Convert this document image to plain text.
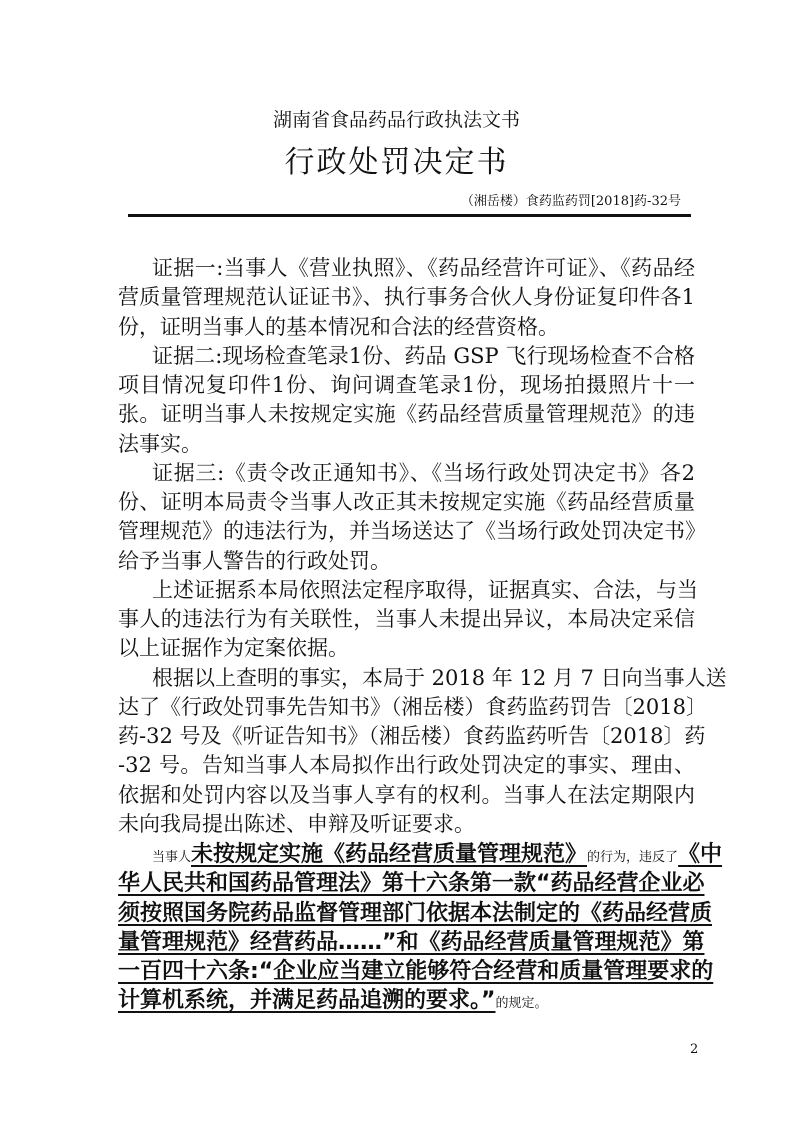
湖南省食品药品行政执法文书
行政处罚决定书
（湘岳楼）食药监药罚[2018]药-32号
证据一:当事人《营业执照》、《药品经营许可证》、《药品经
营质量管理规范认证证书》、执行事务合伙人身份证复印件各1
份，证明当事人的基本情况和合法的经营资格。
证据二:现场检查笔录1份、药品 GSP 飞行现场检查不合格
项目情况复印件1份、询问调查笔录1份，现场拍摄照片十一
张。证明当事人未按规定实施《药品经营质量管理规范》的违
法事实。
证据三:《责令改正通知书》、《当场行政处罚决定书》各2
份、证明本局责令当事人改正其未按规定实施《药品经营质量
管理规范》的违法行为，并当场送达了《当场行政处罚决定书》
给予当事人警告的行政处罚。
上述证据系本局依照法定程序取得，证据真实、合法，与当
事人的违法行为有关联性，当事人未提出异议，本局决定采信
以上证据作为定案依据。
根据以上查明的事实，本局于 2018 年 12 月 7 日向当事人送
达了《行政处罚事先告知书》（湘岳楼）食药监药罚告〔2018〕
药-32 号及《听证告知书》（湘岳楼）食药监药听告〔2018〕药
-32 号。告知当事人本局拟作出行政处罚决定的事实、理由、
依据和处罚内容以及当事人享有的权利。当事人在法定期限内
未向我局提出陈述、申辩及听证要求。
当事人未按规定实施《药品经营质量管理规范》的行为，违反了《中
华人民共和国药品管理法》第十六条第一款“药品经营企业必
须按照国务院药品监督管理部门依据本法制定的《药品经营质
量管理规范》经营药品……”和《药品经营质量管理规范》第
一百四十六条:“企业应当建立能够符合经营和质量管理要求的
计算机系统，并满足药品追溯的要求。”的规定。
2
